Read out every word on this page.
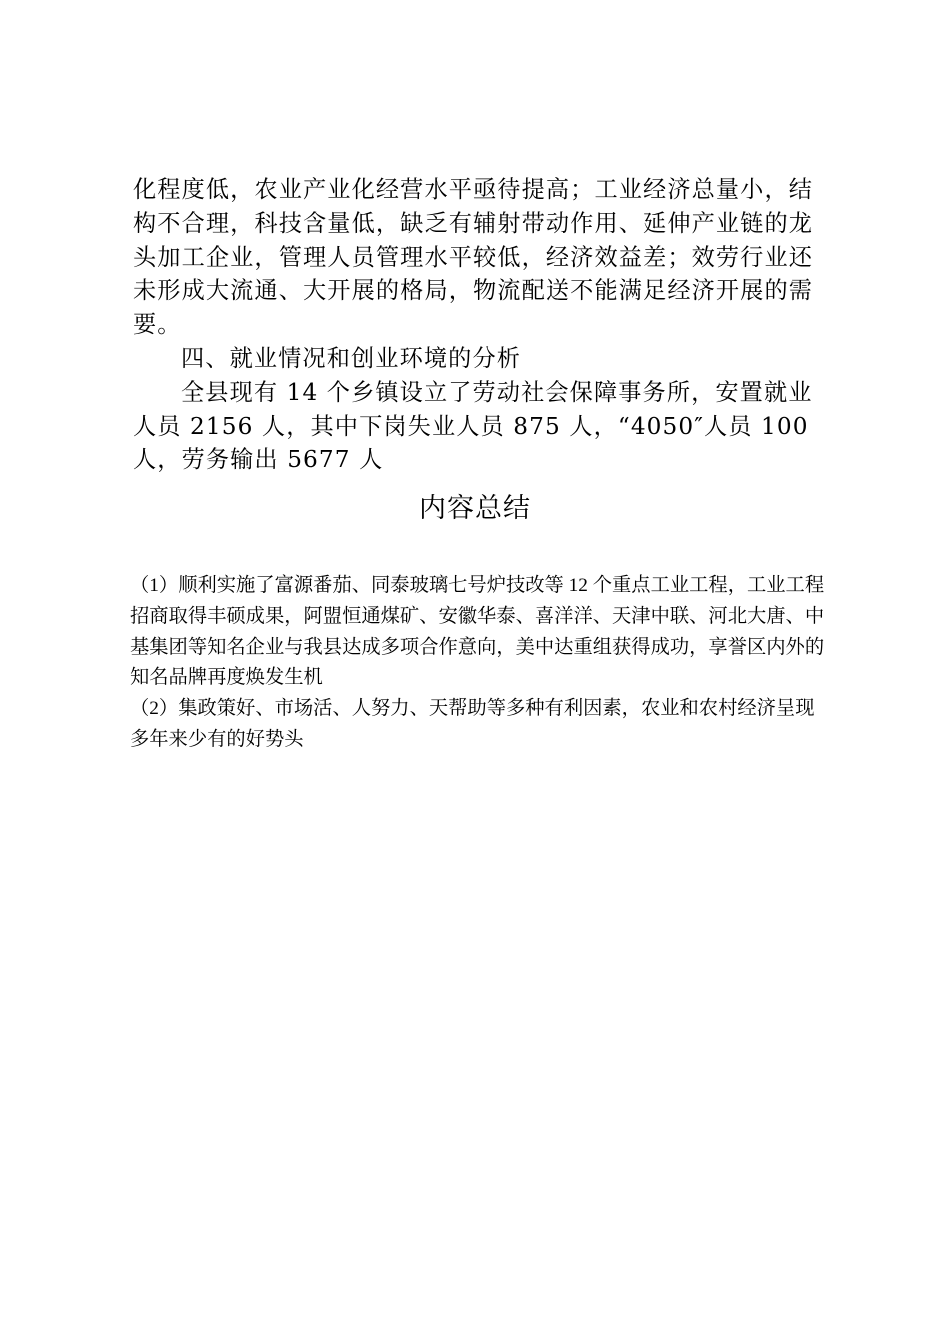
化程度低，农业产业化经营水平亟待提高；工业经济总量小，结构不合理，科技含量低，缺乏有辅射带动作用、延伸产业链的龙头加工企业，管理人员管理水平较低，经济效益差；效劳行业还未形成大流通、大开展的格局，物流配送不能满足经济开展的需要。

四、就业情况和创业环境的分析

全县现有 14 个乡镇设立了劳动社会保障事务所，安置就业人员 2156 人，其中下岗失业人员 875 人，“4050″人员 100 人，劳务输出 5677 人

内容总结

（1）顺利实施了富源番茄、同泰玻璃七号炉技改等 12 个重点工业工程，工业工程招商取得丰硕成果，阿盟恒通煤矿、安徽华泰、喜洋洋、天津中联、河北大唐、中基集团等知名企业与我县达成多项合作意向，美中达重组获得成功，享誉区内外的知名品牌再度焕发生机

（2）集政策好、市场活、人努力、天帮助等多种有利因素，农业和农村经济呈现多年来少有的好势头
